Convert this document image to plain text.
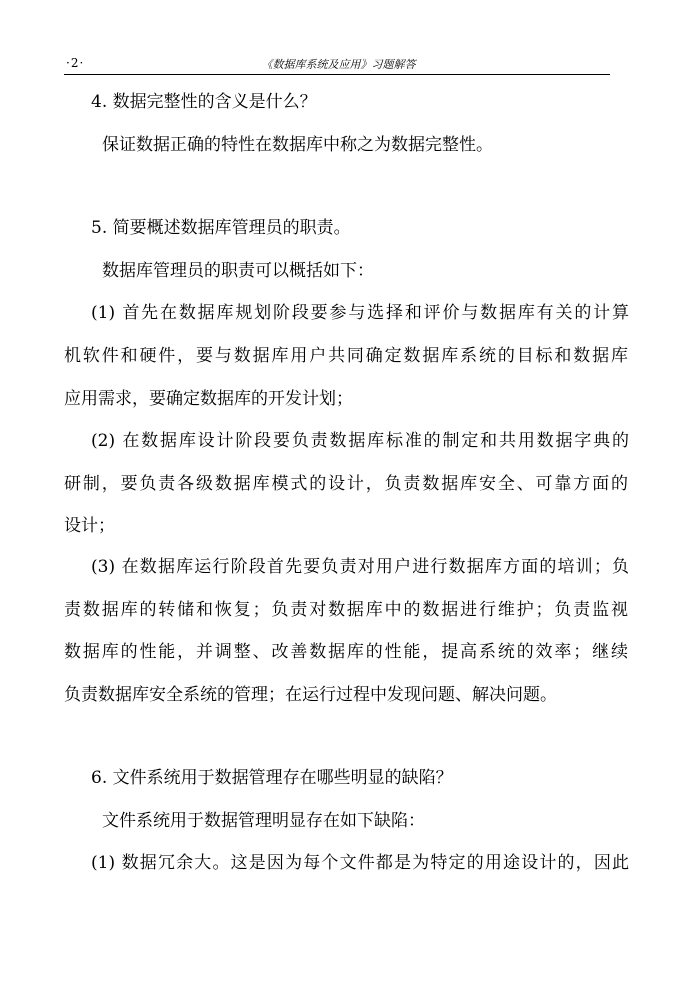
·2·	《数据库系统及应用》习题解答
4. 数据完整性的含义是什么？
保证数据正确的特性在数据库中称之为数据完整性。
5. 简要概述数据库管理员的职责。
数据库管理员的职责可以概括如下：
(1) 首先在数据库规划阶段要参与选择和评价与数据库有关的计算
机软件和硬件，要与数据库用户共同确定数据库系统的目标和数据库
应用需求，要确定数据库的开发计划；
(2) 在数据库设计阶段要负责数据库标准的制定和共用数据字典的
研制，要负责各级数据库模式的设计，负责数据库安全、可靠方面的
设计；
(3) 在数据库运行阶段首先要负责对用户进行数据库方面的培训；负
责数据库的转储和恢复；负责对数据库中的数据进行维护；负责监视
数据库的性能，并调整、改善数据库的性能，提高系统的效率；继续
负责数据库安全系统的管理；在运行过程中发现问题、解决问题。
6. 文件系统用于数据管理存在哪些明显的缺陷？
文件系统用于数据管理明显存在如下缺陷：
(1) 数据冗余大。这是因为每个文件都是为特定的用途设计的，因此
